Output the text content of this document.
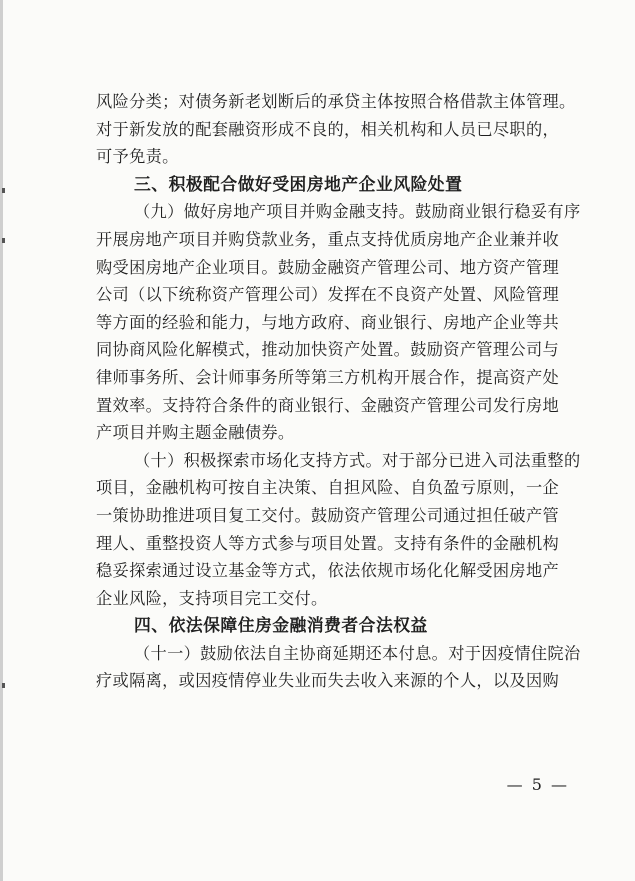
风险分类；对债务新老划断后的承贷主体按照合格借款主体管理。
对于新发放的配套融资形成不良的，相关机构和人员已尽职的，
可予免责。
三、积极配合做好受困房地产企业风险处置
（九）做好房地产项目并购金融支持。鼓励商业银行稳妥有序
开展房地产项目并购贷款业务，重点支持优质房地产企业兼并收
购受困房地产企业项目。鼓励金融资产管理公司、地方资产管理
公司（以下统称资产管理公司）发挥在不良资产处置、风险管理
等方面的经验和能力，与地方政府、商业银行、房地产企业等共
同协商风险化解模式，推动加快资产处置。鼓励资产管理公司与
律师事务所、会计师事务所等第三方机构开展合作，提高资产处
置效率。支持符合条件的商业银行、金融资产管理公司发行房地
产项目并购主题金融债券。
（十）积极探索市场化支持方式。对于部分已进入司法重整的
项目，金融机构可按自主决策、自担风险、自负盈亏原则，一企
一策协助推进项目复工交付。鼓励资产管理公司通过担任破产管
理人、重整投资人等方式参与项目处置。支持有条件的金融机构
稳妥探索通过设立基金等方式，依法依规市场化化解受困房地产
企业风险，支持项目完工交付。
四、依法保障住房金融消费者合法权益
（十一）鼓励依法自主协商延期还本付息。对于因疫情住院治
疗或隔离，或因疫情停业失业而失去收入来源的个人，以及因购
— 5 —
